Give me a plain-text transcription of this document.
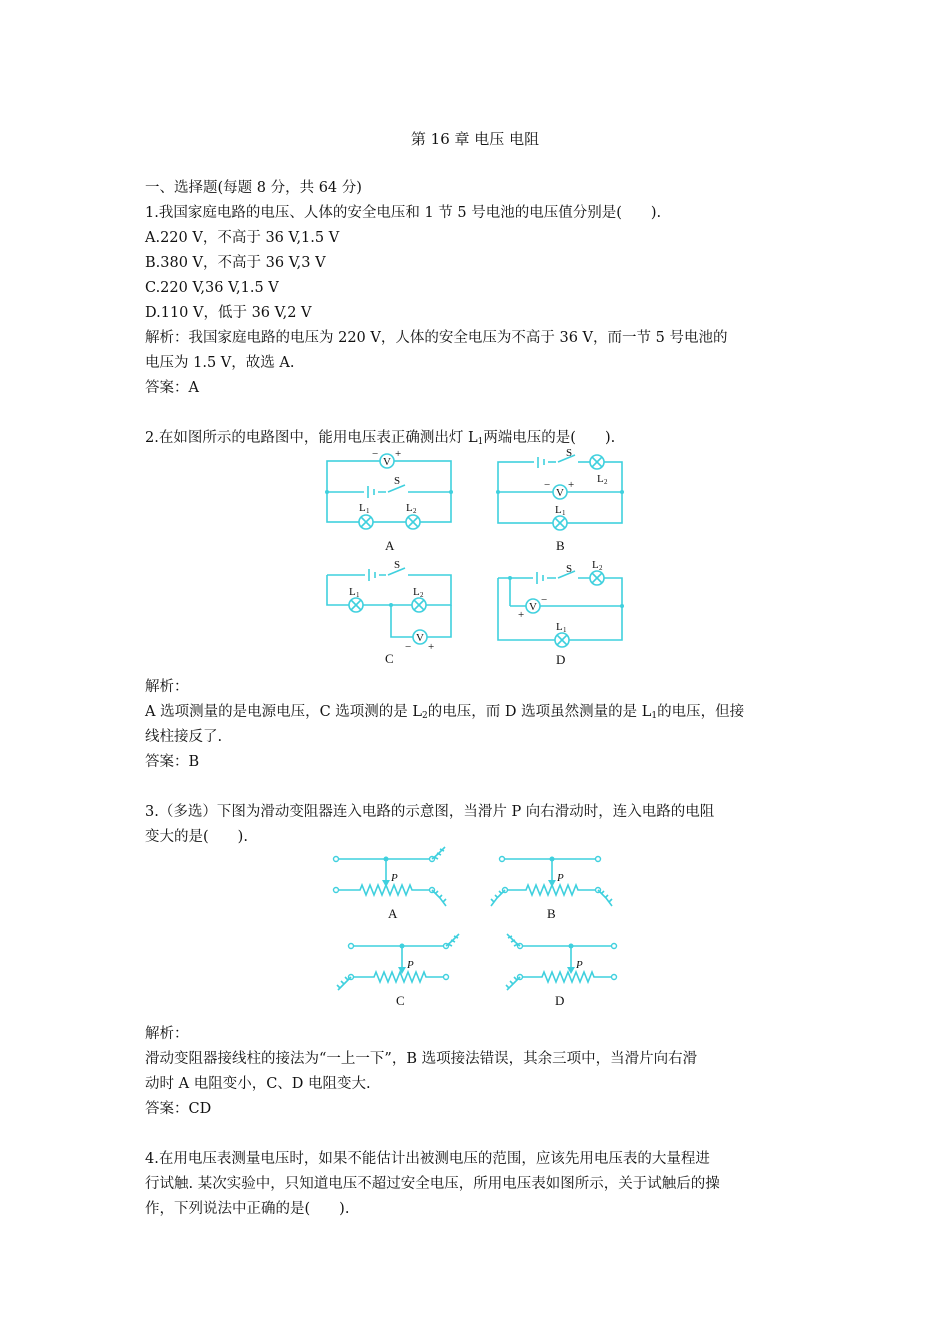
第 16 章 电压 电阻
一、选择题(每题 8 分，共 64 分)
1.我国家庭电路的电压、人体的安全电压和 1 节 5 号电池的电压值分别是(　　).
A.220 V，不高于 36 V,1.5 V
B.380 V，不高于 36 V,3 V
C.220 V,36 V,1.5 V
D.110 V，低于 36 V,2 V
解析：我国家庭电路的电压为 220 V，人体的安全电压为不高于 36 V，而一节 5 号电池的
电压为 1.5 V，故选 A.
答案：A
2.在如图所示的电路图中，能用电压表正确测出灯 $L_1$两端电压的是(　　).
V
− +
S
L 1	L 2
A
S
L 2
V
− +
L 1
B
S
L 1	L 2
V
− +
C
S L 2
V
+
−
L 1
D
解析：
A 选项测量的是电源电压，C 选项测的是 $L_2$的电压，而 D 选项虽然测量的是 $L_1$的电压，但接
线柱接反了.
答案：B
3.（多选）下图为滑动变阻器连入电路的示意图，当滑片 P 向右滑动时，连入电路的电阻
变大的是(　　).
P
A
P
B
P
C
P
D
解析：
滑动变阻器接线柱的接法为“一上一下”，B 选项接法错误，其余三项中，当滑片向右滑
动时 A 电阻变小，C、D 电阻变大.
答案：CD
4.在用电压表测量电压时，如果不能估计出被测电压的范围，应该先用电压表的大量程进
行试触. 某次实验中，只知道电压不超过安全电压，所用电压表如图所示，关于试触后的操
作，下列说法中正确的是(　　).
